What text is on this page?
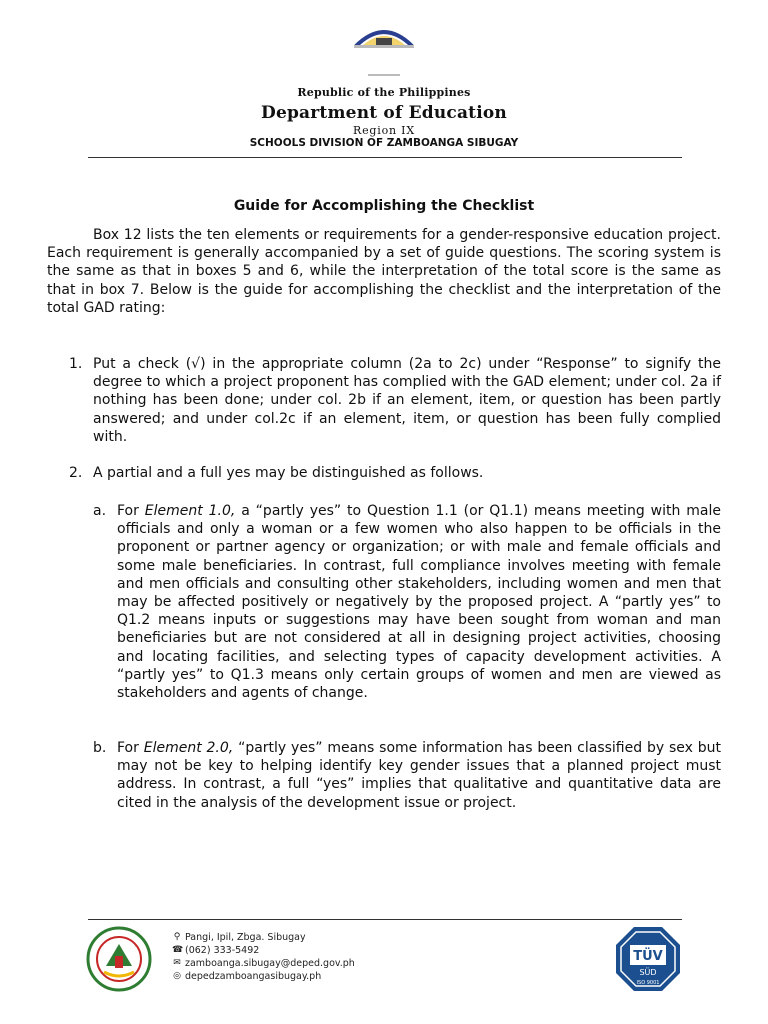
Republic of the Philippines
Department of Education
Region IX
SCHOOLS DIVISION OF ZAMBOANGA SIBUGAY
Guide for Accomplishing the Checklist
Box 12 lists the ten elements or requirements for a gender-responsive education project. Each requirement is generally accompanied by a set of guide questions. The scoring system is the same as that in boxes 5 and 6, while the interpretation of the total score is the same as that in box 7. Below is the guide for accomplishing the checklist and the interpretation of the total GAD rating:
1. Put a check (√) in the appropriate column (2a to 2c) under “Response” to signify the degree to which a project proponent has complied with the GAD element; under col. 2a if nothing has been done; under col. 2b if an element, item, or question has been partly answered; and under col.2c if an element, item, or question has been fully complied with.
2. A partial and a full yes may be distinguished as follows.
a. For Element 1.0, a “partly yes” to Question 1.1 (or Q1.1) means meeting with male officials and only a woman or a few women who also happen to be officials in the proponent or partner agency or organization; or with male and female officials and some male beneficiaries. In contrast, full compliance involves meeting with female and men officials and consulting other stakeholders, including women and men that may be affected positively or negatively by the proposed project. A “partly yes” to Q1.2 means inputs or suggestions may have been sought from woman and man beneficiaries but are not considered at all in designing project activities, choosing and locating facilities, and selecting types of capacity development activities. A “partly yes” to Q1.3 means only certain groups of women and men are viewed as stakeholders and agents of change.
b. For Element 2.0, “partly yes” means some information has been classified by sex but may not be key to helping identify key gender issues that a planned project must address. In contrast, a full “yes” implies that qualitative and quantitative data are cited in the analysis of the development issue or project.
⚲ Pangi, Ipil, Zbga. Sibugay
☎ (062) 333-5492
✉ zamboanga.sibugay@deped.gov.ph
◎ depedzamboangasibugay.ph
TÜV
SÜD
ISO 9001
